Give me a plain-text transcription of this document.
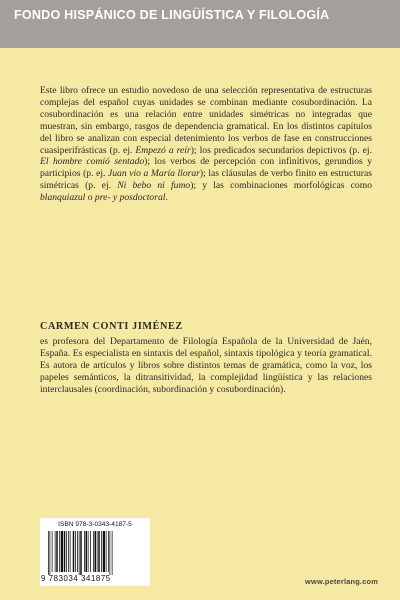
FONDO HISPÁNICO DE LINGÜÍSTICA Y FILOLOGÍA

Este libro ofrece un estudio novedoso de una selección representativa de estructuras complejas del español cuyas unidades se combinan mediante cosubordinación. La cosubordinación es una relación entre unidades simétricas no integradas que muestran, sin embargo, rasgos de dependencia gramatical. En los distintos capítulos del libro se analizan con especial detenimiento los verbos de fase en construcciones cuasiperifrásticas (p. ej. Empezó a reír); los predicados secundarios depictivos (p. ej. El hombre comió sentado); los verbos de percepción con infinitivos, gerundios y participios (p. ej. Juan vio a María llorar); las cláusulas de verbo finito en estructuras simétricas (p. ej. Ni bebo ni fumo); y las combinaciones morfológicas como blanquiazul o pre- y posdoctoral.

CARMEN CONTI JIMÉNEZ

es profesora del Departamento de Filología Española de la Universidad de Jaén, España. Es especialista en sintaxis del español, sintaxis tipológica y teoría gramatical. Es autora de artículos y libros sobre distintos temas de gramática, como la voz, los papeles semánticos, la ditransitividad, la complejidad lingüística y las relaciones interclausales (coordinación, subordinación y cosubordinación).

ISBN 978-3-0343-4187-5
9 783034 341875	www.peterlang.com
